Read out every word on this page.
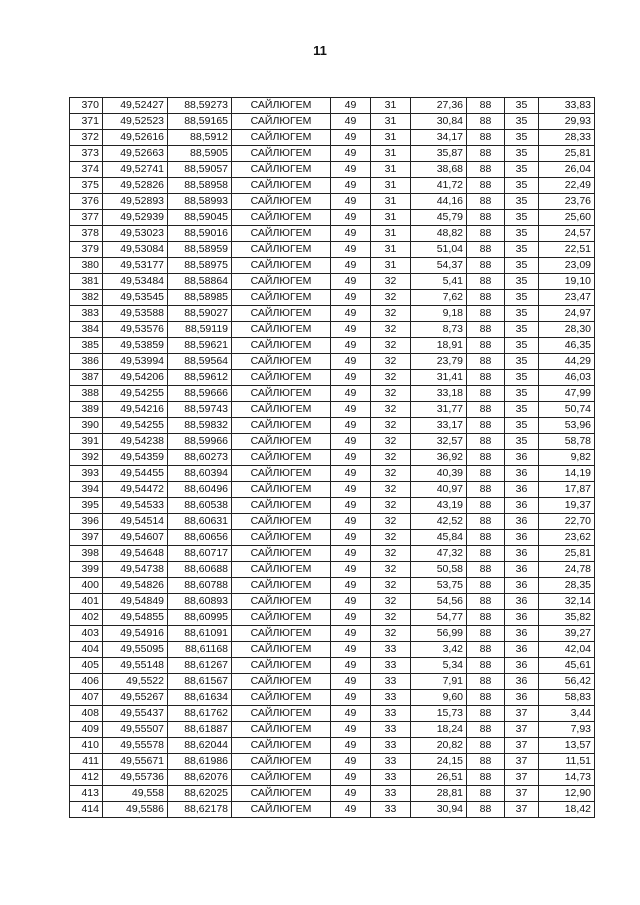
11
370	49,52427	88,59273	САЙЛЮГЕМ	49	31	27,36	88	35	33,83
371	49,52523	88,59165	САЙЛЮГЕМ	49	31	30,84	88	35	29,93
372	49,52616	88,5912	САЙЛЮГЕМ	49	31	34,17	88	35	28,33
373	49,52663	88,5905	САЙЛЮГЕМ	49	31	35,87	88	35	25,81
374	49,52741	88,59057	САЙЛЮГЕМ	49	31	38,68	88	35	26,04
375	49,52826	88,58958	САЙЛЮГЕМ	49	31	41,72	88	35	22,49
376	49,52893	88,58993	САЙЛЮГЕМ	49	31	44,16	88	35	23,76
377	49,52939	88,59045	САЙЛЮГЕМ	49	31	45,79	88	35	25,60
378	49,53023	88,59016	САЙЛЮГЕМ	49	31	48,82	88	35	24,57
379	49,53084	88,58959	САЙЛЮГЕМ	49	31	51,04	88	35	22,51
380	49,53177	88,58975	САЙЛЮГЕМ	49	31	54,37	88	35	23,09
381	49,53484	88,58864	САЙЛЮГЕМ	49	32	5,41	88	35	19,10
382	49,53545	88,58985	САЙЛЮГЕМ	49	32	7,62	88	35	23,47
383	49,53588	88,59027	САЙЛЮГЕМ	49	32	9,18	88	35	24,97
384	49,53576	88,59119	САЙЛЮГЕМ	49	32	8,73	88	35	28,30
385	49,53859	88,59621	САЙЛЮГЕМ	49	32	18,91	88	35	46,35
386	49,53994	88,59564	САЙЛЮГЕМ	49	32	23,79	88	35	44,29
387	49,54206	88,59612	САЙЛЮГЕМ	49	32	31,41	88	35	46,03
388	49,54255	88,59666	САЙЛЮГЕМ	49	32	33,18	88	35	47,99
389	49,54216	88,59743	САЙЛЮГЕМ	49	32	31,77	88	35	50,74
390	49,54255	88,59832	САЙЛЮГЕМ	49	32	33,17	88	35	53,96
391	49,54238	88,59966	САЙЛЮГЕМ	49	32	32,57	88	35	58,78
392	49,54359	88,60273	САЙЛЮГЕМ	49	32	36,92	88	36	9,82
393	49,54455	88,60394	САЙЛЮГЕМ	49	32	40,39	88	36	14,19
394	49,54472	88,60496	САЙЛЮГЕМ	49	32	40,97	88	36	17,87
395	49,54533	88,60538	САЙЛЮГЕМ	49	32	43,19	88	36	19,37
396	49,54514	88,60631	САЙЛЮГЕМ	49	32	42,52	88	36	22,70
397	49,54607	88,60656	САЙЛЮГЕМ	49	32	45,84	88	36	23,62
398	49,54648	88,60717	САЙЛЮГЕМ	49	32	47,32	88	36	25,81
399	49,54738	88,60688	САЙЛЮГЕМ	49	32	50,58	88	36	24,78
400	49,54826	88,60788	САЙЛЮГЕМ	49	32	53,75	88	36	28,35
401	49,54849	88,60893	САЙЛЮГЕМ	49	32	54,56	88	36	32,14
402	49,54855	88,60995	САЙЛЮГЕМ	49	32	54,77	88	36	35,82
403	49,54916	88,61091	САЙЛЮГЕМ	49	32	56,99	88	36	39,27
404	49,55095	88,61168	САЙЛЮГЕМ	49	33	3,42	88	36	42,04
405	49,55148	88,61267	САЙЛЮГЕМ	49	33	5,34	88	36	45,61
406	49,5522	88,61567	САЙЛЮГЕМ	49	33	7,91	88	36	56,42
407	49,55267	88,61634	САЙЛЮГЕМ	49	33	9,60	88	36	58,83
408	49,55437	88,61762	САЙЛЮГЕМ	49	33	15,73	88	37	3,44
409	49,55507	88,61887	САЙЛЮГЕМ	49	33	18,24	88	37	7,93
410	49,55578	88,62044	САЙЛЮГЕМ	49	33	20,82	88	37	13,57
411	49,55671	88,61986	САЙЛЮГЕМ	49	33	24,15	88	37	11,51
412	49,55736	88,62076	САЙЛЮГЕМ	49	33	26,51	88	37	14,73
413	49,558	88,62025	САЙЛЮГЕМ	49	33	28,81	88	37	12,90
414	49,5586	88,62178	САЙЛЮГЕМ	49	33	30,94	88	37	18,42
